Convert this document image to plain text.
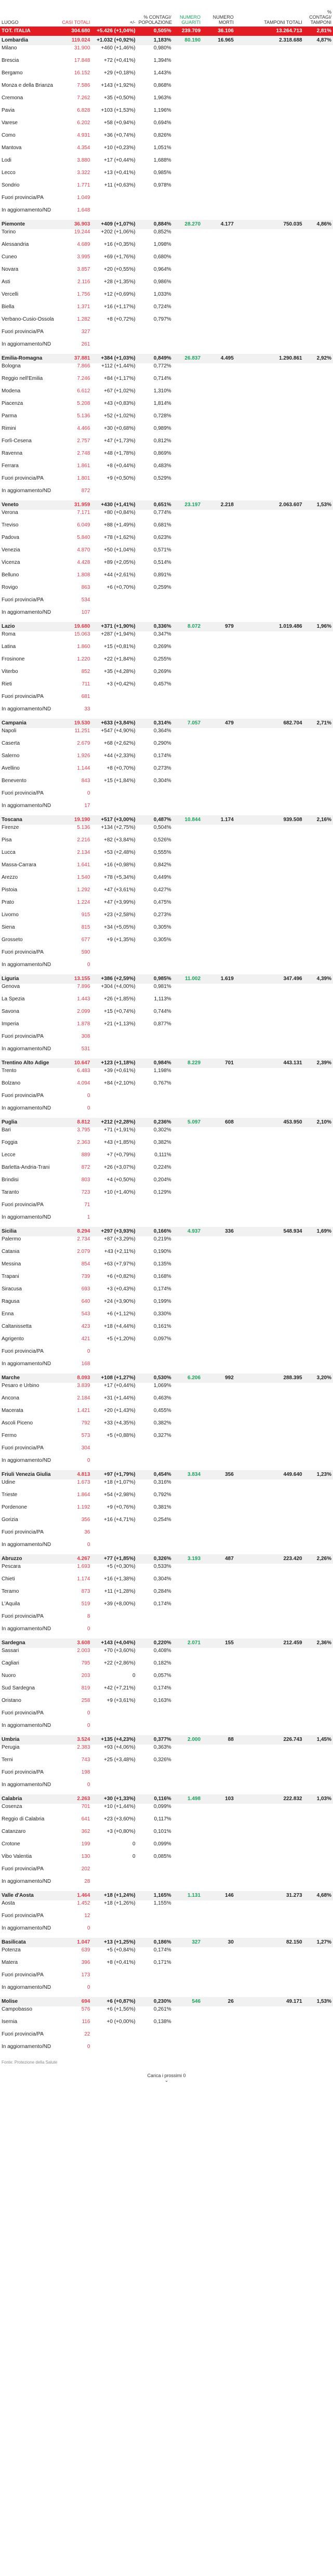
LUOGO	CASI TOTALI	+/-	% CONTAGI/ POPOLAZIONE	NUMERO GUARITI	NUMERO MORTI	TAMPONI TOTALI	% CONTAGI/ TAMPONI
TOT. ITALIA	304.680	+5.426 (+1,04%)	0,505%	239.709	36.106	13.264.713	2,81%
Lombardia	119.024	+1.032 (+0,92%)	1,183%	80.190	16.965	2.318.688	4,87%
Milano	31.900	+460 (+1,46%)	0,980%				
Brescia	17.848	+72 (+0,41%)	1,394%				
Bergamo	16.152	+29 (+0,18%)	1,443%				
Monza e della Brianza	7.586	+143 (+1,92%)	0,868%				
Cremona	7.262	+35 (+0,50%)	1,963%				
Pavia	6.828	+103 (+1,53%)	1,196%				
Varese	6.202	+58 (+0,94%)	0,694%				
Como	4.931	+36 (+0,74%)	0,826%				
Mantova	4.354	+10 (+0,23%)	1,051%				
Lodi	3.880	+17 (+0,44%)	1,688%				
Lecco	3.322	+13 (+0,41%)	0,985%				
Sondrio	1.771	+11 (+0,63%)	0,978%				
Fuori provincia/PA	1.049						
In aggiornamento/ND	1.648						
Piemonte	36.903	+409 (+1,07%)	0,884%	28.270	4.177	750.035	4,86%
Torino	19.244	+202 (+1,06%)	0,852%				
Alessandria	4.689	+16 (+0,35%)	1,098%				
Cuneo	3.995	+69 (+1,76%)	0,680%				
Novara	3.857	+20 (+0,55%)	0,964%				
Asti	2.116	+28 (+1,35%)	0,986%				
Vercelli	1.756	+12 (+0,69%)	1,033%				
Biella	1.371	+16 (+1,17%)	0,724%				
Verbano-Cusio-Ossola	1.282	+8 (+0,72%)	0,797%				
Fuori provincia/PA	327						
In aggiornamento/ND	261						
Emilia-Romagna	37.881	+384 (+1,03%)	0,849%	26.837	4.495	1.290.861	2,92%
Bologna	7.866	+112 (+1,44%)	0,772%				
Reggio nell'Emilia	7.246	+84 (+1,17%)	0,714%				
Modena	6.612	+67 (+1,02%)	1,310%				
Piacenza	5.208	+43 (+0,83%)	1,814%				
Parma	5.136	+52 (+1,02%)	0,728%				
Rimini	4.466	+30 (+0,68%)	0,989%				
Forlì-Cesena	2.757	+47 (+1,73%)	0,812%				
Ravenna	2.748	+48 (+1,78%)	0,869%				
Ferrara	1.861	+8 (+0,44%)	0,483%				
Fuori provincia/PA	1.801	+9 (+0,50%)	0,529%				
In aggiornamento/ND	872						
Veneto	31.959	+430 (+1,41%)	0,651%	23.197	2.218	2.063.607	1,53%
Verona	7.171	+80 (+0,84%)	0,774%				
Treviso	6.049	+88 (+1,49%)	0,681%				
Padova	5.840	+78 (+1,62%)	0,623%				
Venezia	4.870	+50 (+1,04%)	0,571%				
Vicenza	4.428	+89 (+2,05%)	0,514%				
Belluno	1.808	+44 (+2,61%)	0,891%				
Rovigo	863	+6 (+0,70%)	0,259%				
Fuori provincia/PA	534						
In aggiornamento/ND	107						
Lazio	19.680	+371 (+1,90%)	0,336%	8.072	979	1.019.486	1,96%
Roma	15.063	+287 (+1,94%)	0,347%				
Latina	1.860	+15 (+0,81%)	0,269%				
Frosinone	1.220	+22 (+1,84%)	0,255%				
Viterbo	852	+35 (+4,28%)	0,269%				
Rieti	711	+3 (+0,42%)	0,457%				
Fuori provincia/PA	681						
In aggiornamento/ND	33						
Campania	19.530	+633 (+3,84%)	0,314%	7.057	479	682.704	2,71%
Napoli	11.251	+547 (+4,90%)	0,364%				
Caserta	2.679	+68 (+2,62%)	0,290%				
Salerno	1.926	+44 (+2,33%)	0,174%				
Avellino	1.144	+8 (+0,70%)	0,273%				
Benevento	843	+15 (+1,84%)	0,304%				
Fuori provincia/PA	0						
In aggiornamento/ND	17						
Toscana	19.190	+517 (+3,00%)	0,487%	10.844	1.174	939.508	2,16%
Firenze	5.136	+134 (+2,75%)	0,504%				
Pisa	2.216	+82 (+3,84%)	0,526%				
Lucca	2.134	+53 (+2,48%)	0,555%				
Massa-Carrara	1.641	+16 (+0,98%)	0,842%				
Arezzo	1.540	+78 (+5,34%)	0,449%				
Pistoia	1.292	+47 (+3,61%)	0,427%				
Prato	1.224	+47 (+3,99%)	0,475%				
Livorno	915	+23 (+2,58%)	0,273%				
Siena	815	+34 (+5,05%)	0,305%				
Grosseto	677	+9 (+1,35%)	0,305%				
Fuori provincia/PA	590						
In aggiornamento/ND	0						
Liguria	13.155	+386 (+2,59%)	0,985%	11.002	1.619	347.496	4,39%
Genova	7.896	+304 (+4,00%)	0,981%				
La Spezia	1.443	+26 (+1,85%)	1,113%				
Savona	2.099	+15 (+0,74%)	0,744%				
Imperia	1.878	+21 (+1,13%)	0,877%				
Fuori provincia/PA	308						
In aggiornamento/ND	531						
Trentino Alto Adige	10.647	+123 (+1,18%)	0,984%	8.229	701	443.131	2,39%
Trento	6.483	+39 (+0,61%)	1,198%				
Bolzano	4.094	+84 (+2,10%)	0,767%				
Fuori provincia/PA	0						
In aggiornamento/ND	0						
Puglia	8.812	+212 (+2,28%)	0,236%	5.097	608	453.950	2,10%
Bari	3.795	+71 (+1,91%)	0,302%				
Foggia	2.363	+43 (+1,85%)	0,382%				
Lecce	889	+7 (+0,79%)	0,111%				
Barletta-Andria-Trani	872	+26 (+3,07%)	0,224%				
Brindisi	803	+4 (+0,50%)	0,204%				
Taranto	723	+10 (+1,40%)	0,129%				
Fuori provincia/PA	71						
In aggiornamento/ND	1						
Sicilia	8.294	+297 (+3,93%)	0,166%	4.937	336	548.934	1,69%
Palermo	2.734	+87 (+3,29%)	0,219%				
Catania	2.079	+43 (+2,11%)	0,190%				
Messina	854	+63 (+7,97%)	0,135%				
Trapani	739	+6 (+0,82%)	0,168%				
Siracusa	693	+3 (+0,43%)	0,174%				
Ragusa	640	+24 (+3,90%)	0,199%				
Enna	543	+6 (+1,12%)	0,330%				
Caltanissetta	423	+18 (+4,44%)	0,161%				
Agrigento	421	+5 (+1,20%)	0,097%				
Fuori provincia/PA	0						
In aggiornamento/ND	168						
Marche	8.093	+108 (+1,27%)	0,530%	6.206	992	288.395	3,20%
Pesaro e Urbino	3.839	+17 (+0,44%)	1,069%				
Ancona	2.184	+31 (+1,44%)	0,463%				
Macerata	1.421	+20 (+1,43%)	0,455%				
Ascoli Piceno	792	+33 (+4,35%)	0,382%				
Fermo	573	+5 (+0,88%)	0,327%				
Fuori provincia/PA	304						
In aggiornamento/ND	0						
Friuli Venezia Giulia	4.813	+97 (+1,79%)	0,454%	3.834	356	449.640	1,23%
Udine	1.673	+18 (+1,07%)	0,316%				
Trieste	1.864	+54 (+2,98%)	0,792%				
Pordenone	1.192	+9 (+0,76%)	0,381%				
Gorizia	356	+16 (+4,71%)	0,254%				
Fuori provincia/PA	36						
In aggiornamento/ND	0						
Abruzzo	4.267	+77 (+1,85%)	0,326%	3.193	487	223.420	2,26%
Pescara	1.693	+5 (+0,30%)	0,533%				
Chieti	1.174	+16 (+1,38%)	0,304%				
Teramo	873	+11 (+1,28%)	0,284%				
L'Aquila	519	+39 (+8,00%)	0,174%				
Fuori provincia/PA	8						
In aggiornamento/ND	0						
Sardegna	3.608	+143 (+4,04%)	0,220%	2.071	155	212.459	2,36%
Sassari	2.003	+70 (+3,60%)	0,408%				
Cagliari	795	+22 (+2,86%)	0,182%				
Nuoro	203	0	0,057%				
Sud Sardegna	819	+42 (+7,21%)	0,174%				
Oristano	258	+9 (+3,61%)	0,163%				
Fuori provincia/PA	0						
In aggiornamento/ND	0						
Umbria	3.524	+135 (+4,23%)	0,377%	2.000	88	226.743	1,45%
Perugia	2.383	+93 (+4,06%)	0,363%				
Terni	743	+25 (+3,48%)	0,326%				
Fuori provincia/PA	198						
In aggiornamento/ND	0						
Calabria	2.263	+30 (+1,33%)	0,116%	1.498	103	222.832	1,03%
Cosenza	701	+10 (+1,44%)	0,099%				
Reggio di Calabria	641	+23 (+3,60%)	0,117%				
Catanzaro	362	+3 (+0,80%)	0,101%				
Crotone	199	0	0,099%				
Vibo Valentia	130	0	0,085%				
Fuori provincia/PA	202						
In aggiornamento/ND	28						
Valle d'Aosta	1.464	+18 (+1,24%)	1,165%	1.131	146	31.273	4,68%
Aosta	1.452	+18 (+1,26%)	1,155%				
Fuori provincia/PA	12						
In aggiornamento/ND	0						
Basilicata	1.047	+13 (+1,25%)	0,186%	327	30	82.150	1,27%
Potenza	639	+5 (+0,84%)	0,174%				
Matera	396	+8 (+0,41%)	0,171%				
Fuori provincia/PA	173						
In aggiornamento/ND	0						
Molise	694	+6 (+0,87%)	0,230%	546	26	49.171	1,53%
Campobasso	576	+6 (+1,56%)	0,261%				
Isernia	116	+0 (+0,00%)	0,138%				
Fuori provincia/PA	22						
In aggiornamento/ND	0						
Fonte: Protezione della Salute							
Carica i prossimi 0
⌄
